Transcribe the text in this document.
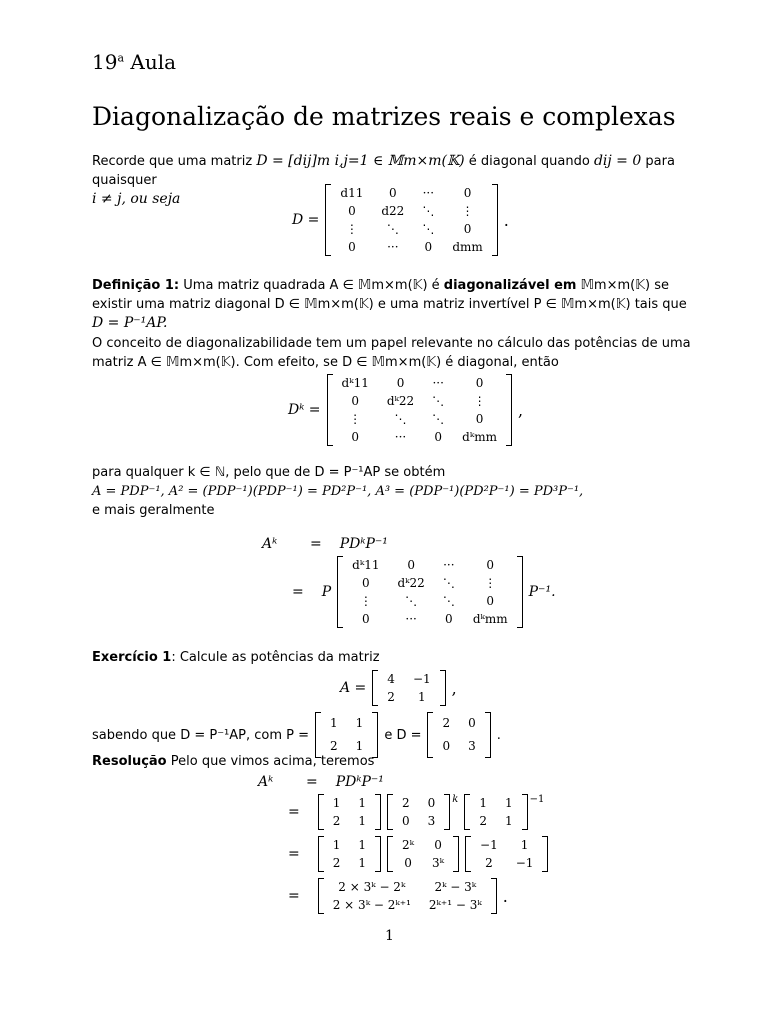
19$^a$ Aula
Diagonalização de matrizes reais e complexas
Recorde que uma matriz D = [dij]m i,j=1 ∈ 𝕄m×m(𝕂) é diagonal quando dij = 0 para quaisquer
i ≠ j, ou seja
D =
d11	0	···	0
0	d22	⋱	⋮
⋮	⋱	⋱	0
0	···	0	dmm
.
Definição 1: Uma matriz quadrada A ∈ 𝕄m×m(𝕂) é diagonalizável em 𝕄m×m(𝕂) se
existir uma matriz diagonal D ∈ 𝕄m×m(𝕂) e uma matriz invertível P ∈ 𝕄m×m(𝕂) tais que
D = P⁻¹AP.
O conceito de diagonalizabilidade tem um papel relevante no cálculo das potências de uma
matriz A ∈ 𝕄m×m(𝕂). Com efeito, se D ∈ 𝕄m×m(𝕂) é diagonal, então
Dᵏ =
dᵏ11	0	···	0
0	dᵏ22	⋱	⋮
⋮	⋱	⋱	0
0	···	0	dᵏmm
,
para qualquer k ∈ ℕ, pelo que de D = P⁻¹AP se obtém
A = PDP⁻¹, A² = (PDP⁻¹)(PDP⁻¹) = PD²P⁻¹, A³ = (PDP⁻¹)(PD²P⁻¹) = PD³P⁻¹,
e mais geralmente
Aᵏ	= PDᵏP⁻¹
= P
dᵏ11	0	···	0
0	dᵏ22	⋱	⋮
⋮	⋱	⋱	0
0	···	0	dᵏmm
P⁻¹.
Exercício 1: Calcule as potências da matriz
A =
4	−1
2	1 ,
sabendo que D = P⁻¹AP, com P =
1	1
2	1
e D =
2	0
0	3
.
Resolução Pelo que vimos acima, teremos
Aᵏ	= PDᵏP⁻¹
=
1	1
2	1
2	0
0	3
$^k$ 1	1
2	1
$^{-1}$
=
1	1
2	1
2ᵏ	0
0	3ᵏ
−1	1
2	−1
=
2 × 3ᵏ − 2ᵏ	2ᵏ − 3ᵏ
2 × 3ᵏ − 2ᵏ⁺¹	2ᵏ⁺¹ − 3ᵏ .
1
